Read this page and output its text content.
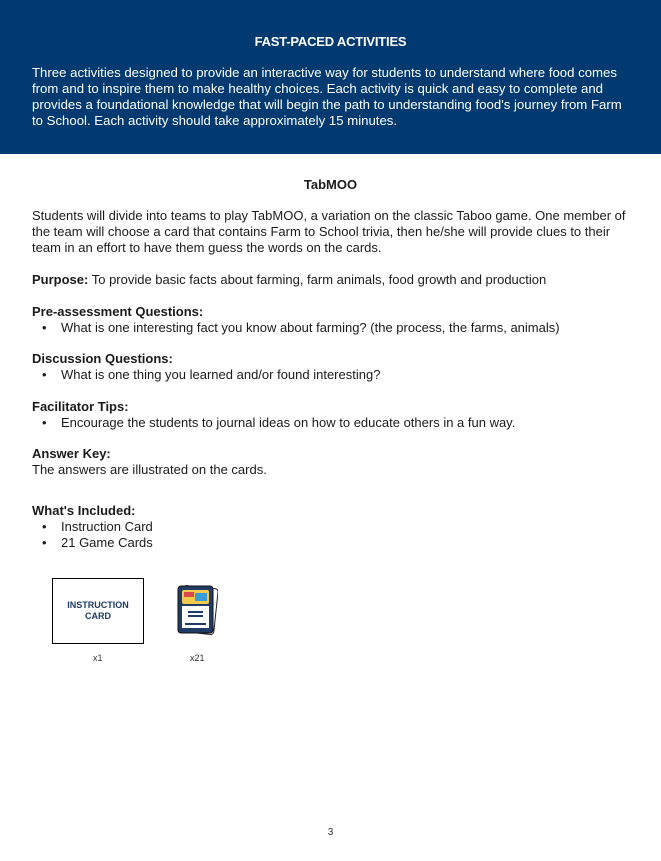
FAST-PACED ACTIVITIES
Three activities designed to provide an interactive way for students to understand where food comes from and to inspire them to make healthy choices. Each activity is quick and easy to complete and provides a foundational knowledge that will begin the path to understanding food's journey from Farm to School. Each activity should take approximately 15 minutes.
TabMOO
Students will divide into teams to play TabMOO, a variation on the classic Taboo game. One member of the team will choose a card that contains Farm to School trivia, then he/she will provide clues to their team in an effort to have them guess the words on the cards.
Purpose: To provide basic facts about farming, farm animals, food growth and production
Pre-assessment Questions:
•	What is one interesting fact you know about farming? (the process, the farms, animals)
Discussion Questions:
•	What is one thing you learned and/or found interesting?
Facilitator Tips:
•	Encourage the students to journal ideas on how to educate others in a fun way.
Answer Key:
The answers are illustrated on the cards.
What's Included:
•	Instruction Card
•	21 Game Cards
INSTRUCTION
CARD
x1	x21
3
